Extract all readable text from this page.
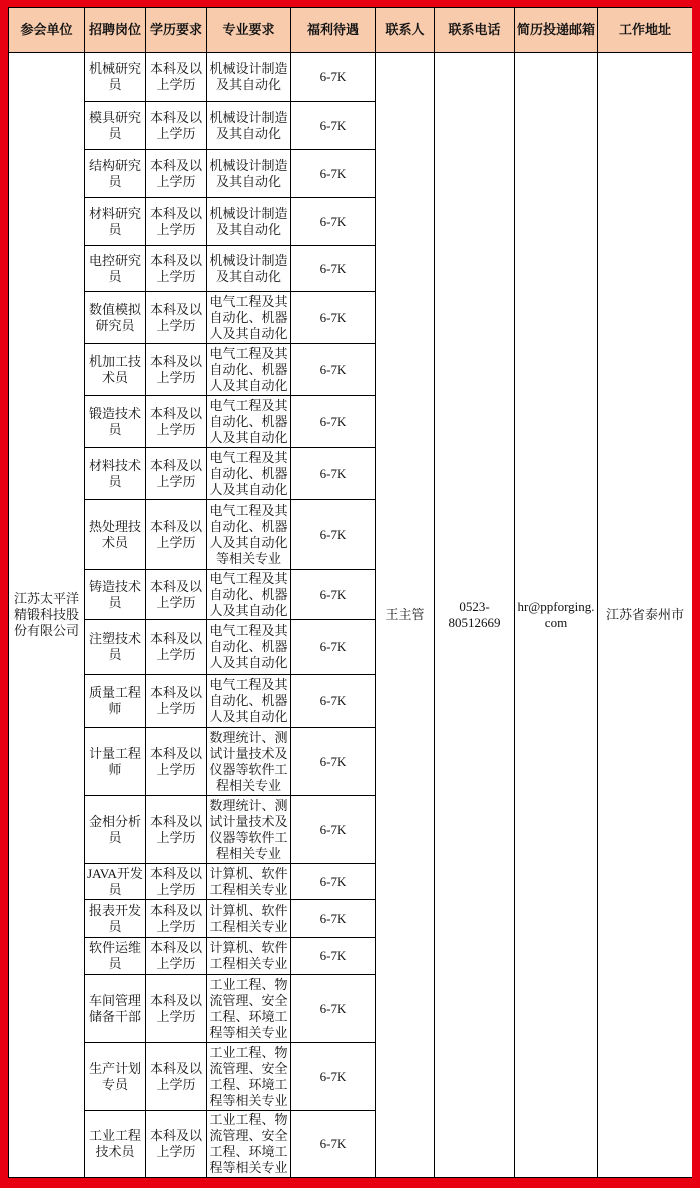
参会单位	招聘岗位	学历要求	专业要求	福利待遇	联系人	联系电话	简历投递邮箱	工作地址
江苏太平洋精锻科技股份有限公司	机械研究员	本科及以上学历	机械设计制造及其自动化	6-7K	王主管	0523-80512669	hr@ppforging.com	江苏省泰州市
	模具研究员	本科及以上学历	机械设计制造及其自动化	6-7K				
	结构研究员	本科及以上学历	机械设计制造及其自动化	6-7K				
	材料研究员	本科及以上学历	机械设计制造及其自动化	6-7K				
	电控研究员	本科及以上学历	机械设计制造及其自动化	6-7K				
	数值模拟研究员	本科及以上学历	电气工程及其自动化、机器人及其自动化	6-7K				
	机加工技术员	本科及以上学历	电气工程及其自动化、机器人及其自动化	6-7K				
	锻造技术员	本科及以上学历	电气工程及其自动化、机器人及其自动化	6-7K				
	材料技术员	本科及以上学历	电气工程及其自动化、机器人及其自动化	6-7K				
	热处理技术员	本科及以上学历	电气工程及其自动化、机器人及其自动化等相关专业	6-7K				
	铸造技术员	本科及以上学历	电气工程及其自动化、机器人及其自动化	6-7K				
	注塑技术员	本科及以上学历	电气工程及其自动化、机器人及其自动化	6-7K				
	质量工程师	本科及以上学历	电气工程及其自动化、机器人及其自动化	6-7K				
	计量工程师	本科及以上学历	数理统计、测试计量技术及仪器等软件工程相关专业	6-7K				
	金相分析员	本科及以上学历	数理统计、测试计量技术及仪器等软件工程相关专业	6-7K				
	JAVA开发员	本科及以上学历	计算机、软件工程相关专业	6-7K				
	报表开发员	本科及以上学历	计算机、软件工程相关专业	6-7K				
	软件运维员	本科及以上学历	计算机、软件工程相关专业	6-7K				
	车间管理储备干部	本科及以上学历	工业工程、物流管理、安全工程、环境工程等相关专业	6-7K				
	生产计划专员	本科及以上学历	工业工程、物流管理、安全工程、环境工程等相关专业	6-7K				
	工业工程技术员	本科及以上学历	工业工程、物流管理、安全工程、环境工程等相关专业	6-7K				
